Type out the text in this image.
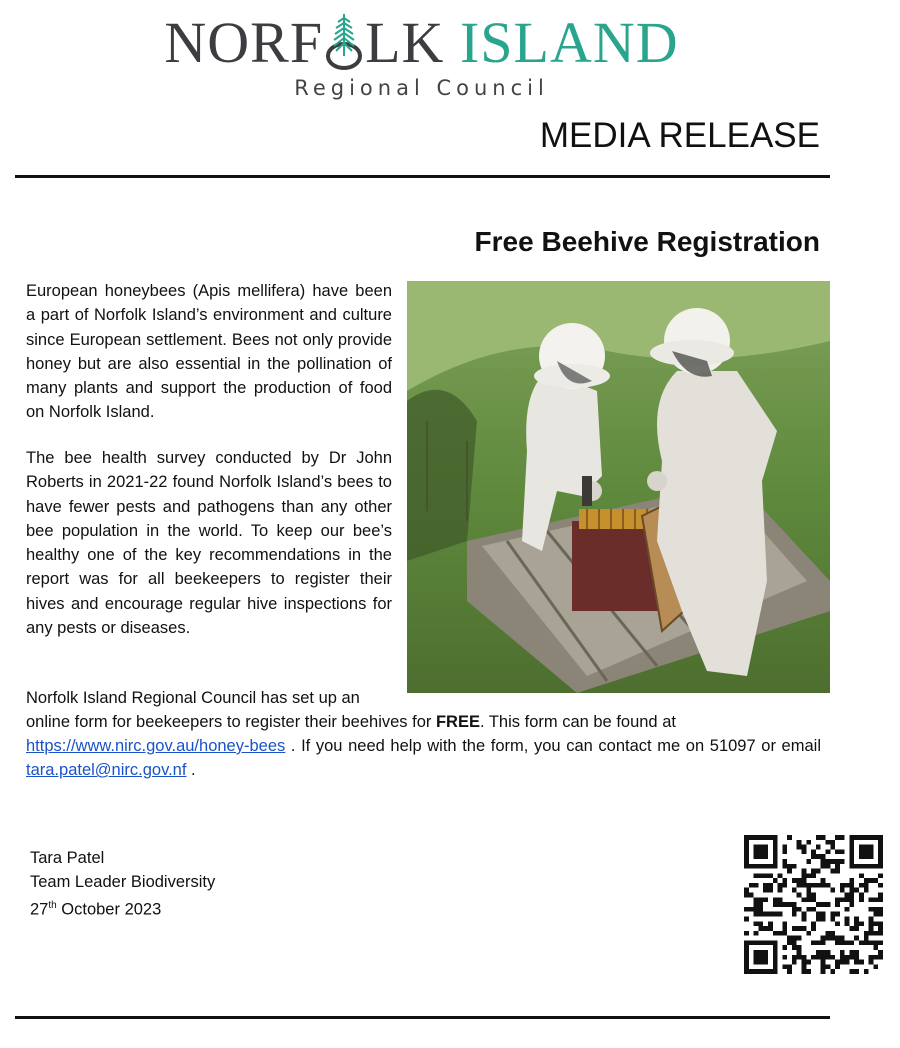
NORF LK ISLAND
Regional Council
MEDIA RELEASE
Free Beehive Registration
European honeybees (Apis mellifera) have been a part of Norfolk Island’s environment and culture since European settlement. Bees not only provide honey but are also essential in the pollination of many plants and support the production of food on Norfolk Island.
The bee health survey conducted by Dr John Roberts in 2021-22 found Norfolk Island’s bees to have fewer pests and pathogens than any other bee population in the world. To keep our bee’s healthy one of the key recommendations in the report was for all beekeepers to register their hives and encourage regular hive inspections for any pests or diseases.
Norfolk Island Regional Council has set up an
online form for beekeepers to register their beehives for FREE. This form can be found at
https://www.nirc.gov.au/honey-bees . If you need help with the form, you can contact me on 51097 or email tara.patel@nirc.gov.nf .
Tara Patel
Team Leader Biodiversity
27th October 2023
